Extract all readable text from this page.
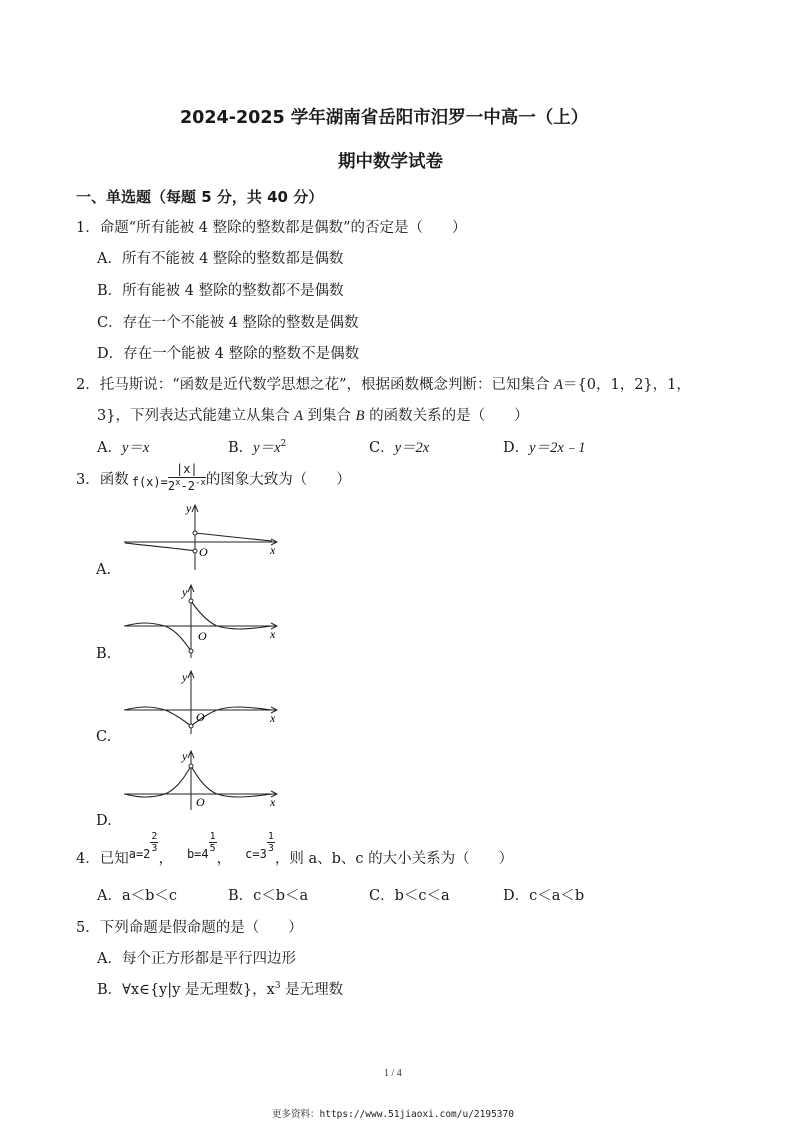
2024-2025 学年湖南省岳阳市汨罗一中高一（上）
期中数学试卷
一、单选题（每题 5 分，共 40 分）
1．命题“所有能被 4 整除的整数都是偶数”的否定是（　　）
A．所有不能被 4 整除的整数都是偶数
B．所有能被 4 整除的整数都不是偶数
C．存在一个不能被 4 整除的整数是偶数
D．存在一个能被 4 整除的整数不是偶数
2．托马斯说：“函数是近代数学思想之花”，根据函数概念判断：已知集合 A＝{0，1，2}，1，
3}，下列表达式能建立从集合 A 到集合 B 的函数关系的是（　　）
A．y＝x	B．$y=x^2$	C．y＝2x	D．y＝2x﹣1
3．函数 $f(x)= \frac{|x|}{2^x-2^{-x}}$ 的图象大致为（　　）
A.
y
x
O
B.
y
x
O
C.
y
x
O
D.
y
x
O
4．已知 $a=2 \frac{2}{3}$
， $b=4 \frac{1}{5}$
， $c=3 \frac{1}{3}$
，则 a、b、c 的大小关系为（　　）
A．a＜b＜c	B．c＜b＜a	C．b＜c＜a	D．c＜a＜b
5．下列命题是假命题的是（　　）
A．每个正方形都是平行四边形
B．∀x∈{y|y 是无理数}，$x^3$ 是无理数
1 / 4
更多资料：https://www.51jiaoxi.com/u/2195370
